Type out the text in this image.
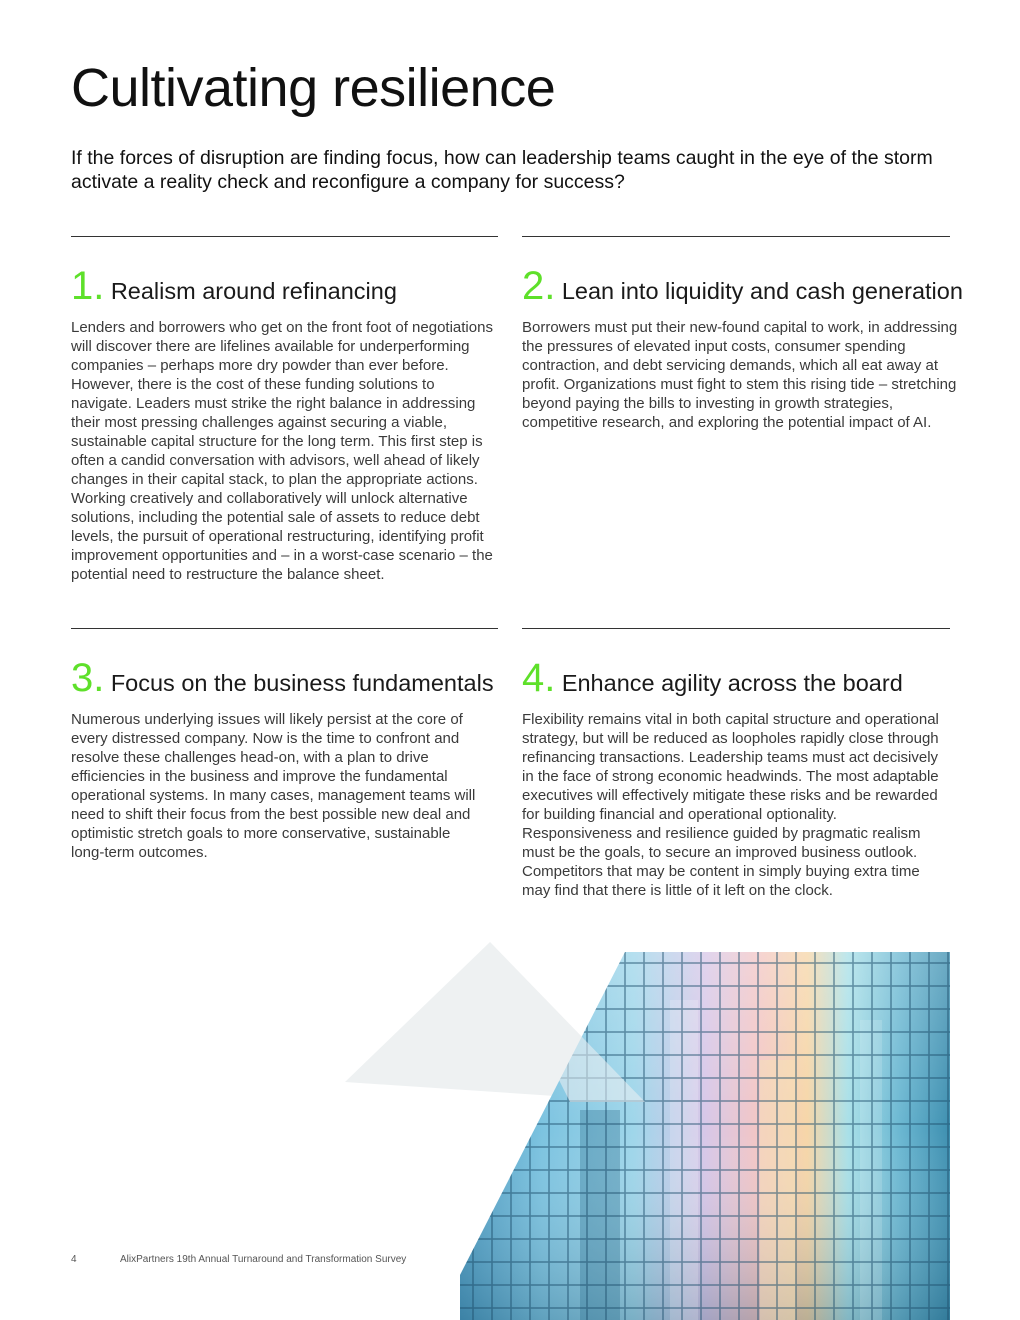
Cultivating resilience

If the forces of disruption are finding focus, how can leadership teams caught in the eye of the storm activate a reality check and reconfigure a company for success?

1. Realism around refinancing

Lenders and borrowers who get on the front foot of negotiations will discover there are lifelines available for underperforming companies – perhaps more dry powder than ever before. However, there is the cost of these funding solutions to navigate. Leaders must strike the right balance in addressing their most pressing challenges against securing a viable, sustainable capital structure for the long term. This first step is often a candid conversation with advisors, well ahead of likely changes in their capital stack, to plan the appropriate actions. Working creatively and collaboratively will unlock alternative solutions, including the potential sale of assets to reduce debt levels, the pursuit of operational restructuring, identifying profit improvement opportunities and – in a worst-case scenario – the potential need to restructure the balance sheet.

2. Lean into liquidity and cash generation

Borrowers must put their new-found capital to work, in addressing the pressures of elevated input costs, consumer spending contraction, and debt servicing demands, which all eat away at profit. Organizations must fight to stem this rising tide – stretching beyond paying the bills to investing in growth strategies, competitive research, and exploring the potential impact of AI.

3. Focus on the business fundamentals

Numerous underlying issues will likely persist at the core of every distressed company. Now is the time to confront and resolve these challenges head-on, with a plan to drive efficiencies in the business and improve the fundamental operational systems. In many cases, management teams will need to shift their focus from the best possible new deal and optimistic stretch goals to more conservative, sustainable long-term outcomes.

4. Enhance agility across the board

Flexibility remains vital in both capital structure and operational strategy, but will be reduced as loopholes rapidly close through refinancing transactions. Leadership teams must act decisively in the face of strong economic headwinds. The most adaptable executives will effectively mitigate these risks and be rewarded for building financial and operational optionality. Responsiveness and resilience guided by pragmatic realism must be the goals, to secure an improved business outlook. Competitors that may be content in simply buying extra time may find that there is little of it left on the clock.

4	AlixPartners 19th Annual Turnaround and Transformation Survey
